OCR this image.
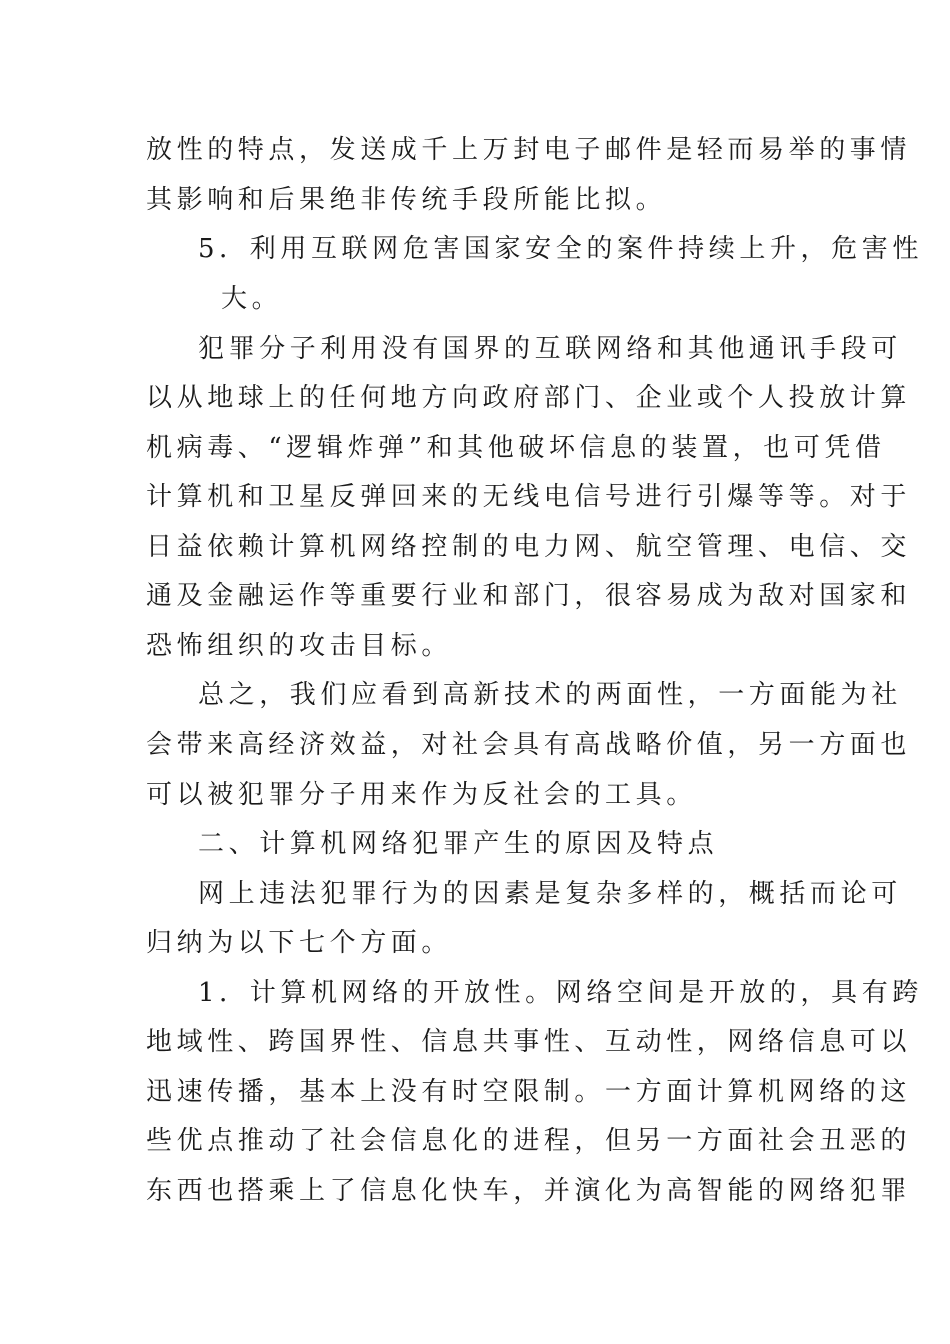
放性的特点，发送成千上万封电子邮件是轻而易举的事情
其影响和后果绝非传统手段所能比拟。
5．利用互联网危害国家安全的案件持续上升，危害性
大。
犯罪分子利用没有国界的互联网络和其他通讯手段可
以从地球上的任何地方向政府部门、企业或个人投放计算
机病毒、“逻辑炸弹”和其他破坏信息的装置，也可凭借
计算机和卫星反弹回来的无线电信号进行引爆等等。对于
日益依赖计算机网络控制的电力网、航空管理、电信、交
通及金融运作等重要行业和部门，很容易成为敌对国家和
恐怖组织的攻击目标。
总之，我们应看到高新技术的两面性，一方面能为社
会带来高经济效益，对社会具有高战略价值，另一方面也
可以被犯罪分子用来作为反社会的工具。
二、计算机网络犯罪产生的原因及特点
网上违法犯罪行为的因素是复杂多样的，概括而论可
归纳为以下七个方面。
1．计算机网络的开放性。网络空间是开放的，具有跨
地域性、跨国界性、信息共事性、互动性，网络信息可以
迅速传播，基本上没有时空限制。一方面计算机网络的这
些优点推动了社会信息化的进程，但另一方面社会丑恶的
东西也搭乘上了信息化快车，并演化为高智能的网络犯罪
